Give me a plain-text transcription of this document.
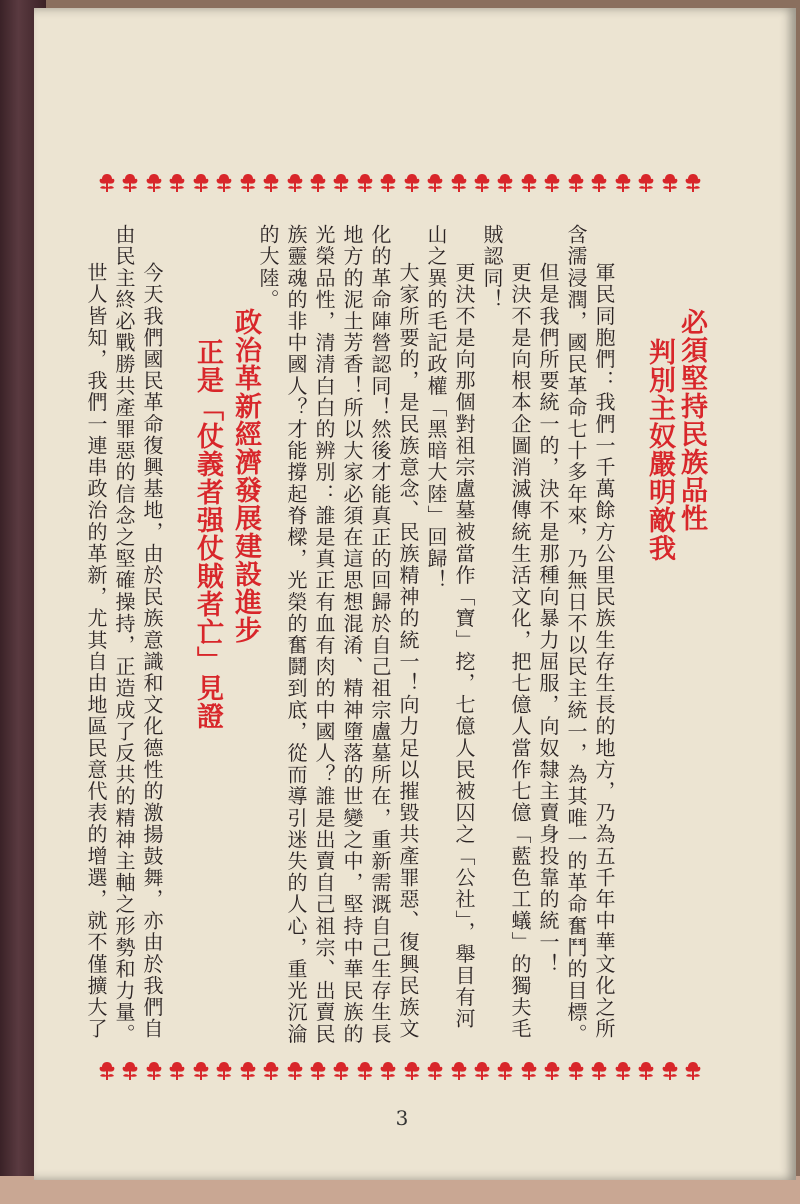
必須堅持民族品性
判別主奴嚴明敵我
軍民同胞們：我們一千萬餘方公里民族生存生長的地方，乃為五千年中華文化之所
含濡浸潤，國民革命七十多年來，乃無日不以民主統一，為其唯一的革命奮鬥的目標。
但是我們所要統一的，決不是那種向暴力屈服，向奴隸主賣身投靠的統一！
更決不是向根本企圖消滅傳統生活文化，把七億人當作七億「藍色工蟻」的獨夫毛
賊認同！
更決不是向那個對祖宗盧墓被當作「寶」挖，七億人民被囚之「公社」，舉目有河
山之異的毛記政權「黑暗大陸」回歸！
大家所要的，是民族意念、民族精神的統一！向力足以摧毀共產罪惡、復興民族文
化的革命陣營認同！然後才能真正的回歸於自己祖宗盧墓所在，重新需溉自己生存生長
地方的泥土芳香！所以大家必須在這思想混淆、精神墮落的世變之中，堅持中華民族的
光榮品性，清清白白的辨別：誰是真正有血有肉的中國人？誰是出賣自己祖宗、出賣民
族靈魂的非中國人？才能撐起脊樑，光榮的奮鬪到底，從而導引迷失的人心，重光沉淪
的大陸。
政治革新經濟發展建設進步
正是「仗義者强仗賊者亡」見證
今天我們國民革命復興基地，由於民族意識和文化德性的激揚鼓舞，亦由於我們自
由民主終必戰勝共產罪惡的信念之堅確操持，正造成了反共的精神主軸之形勢和力量。
世人皆知，我們一連串政治的革新，尤其自由地區民意代表的增選，就不僅擴大了
3
